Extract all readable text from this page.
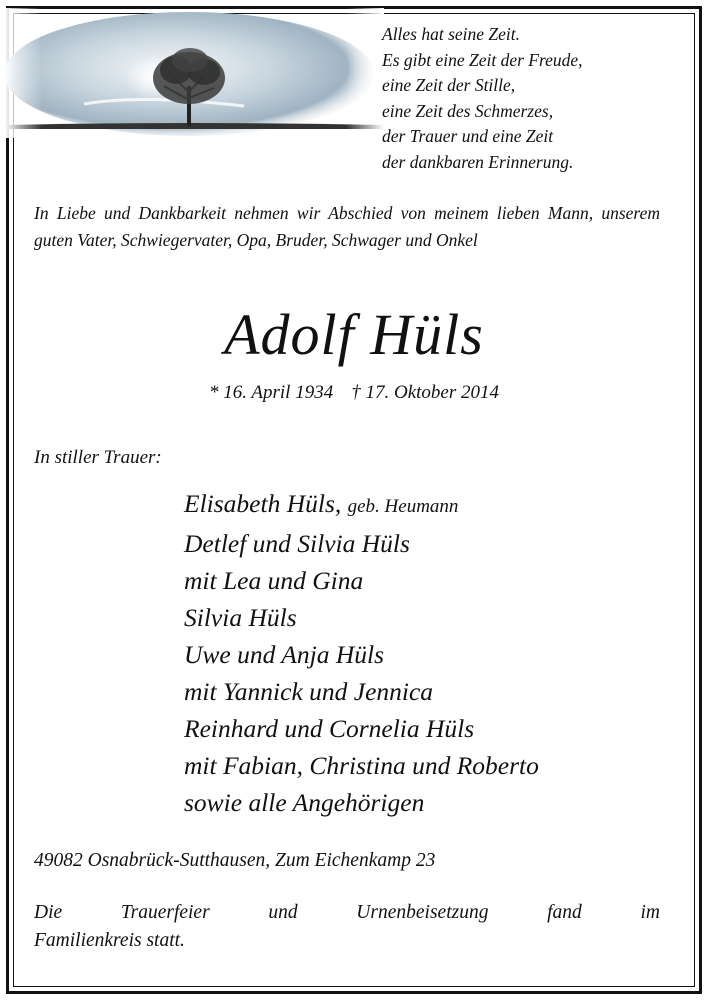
Alles hat seine Zeit.
Es gibt eine Zeit der Freude,
eine Zeit der Stille,
eine Zeit des Schmerzes,
der Trauer und eine Zeit
der dankbaren Erinnerung.
In Liebe und Dankbarkeit nehmen wir Abschied von meinem lieben Mann, unserem guten Vater, Schwiegervater, Opa, Bruder, Schwager und Onkel
Adolf Hüls
* 16. April 1934 † 17. Oktober 2014
In stiller Trauer:
Elisabeth Hüls, geb. Heumann
Detlef und Silvia Hüls
mit Lea und Gina
Silvia Hüls
Uwe und Anja Hüls
mit Yannick und Jennica
Reinhard und Cornelia Hüls
mit Fabian, Christina und Roberto
sowie alle Angehörigen
49082 Osnabrück-Sutthausen, Zum Eichenkamp 23
Die Trauerfeier und Urnenbeisetzung fand im
Familienkreis statt.
